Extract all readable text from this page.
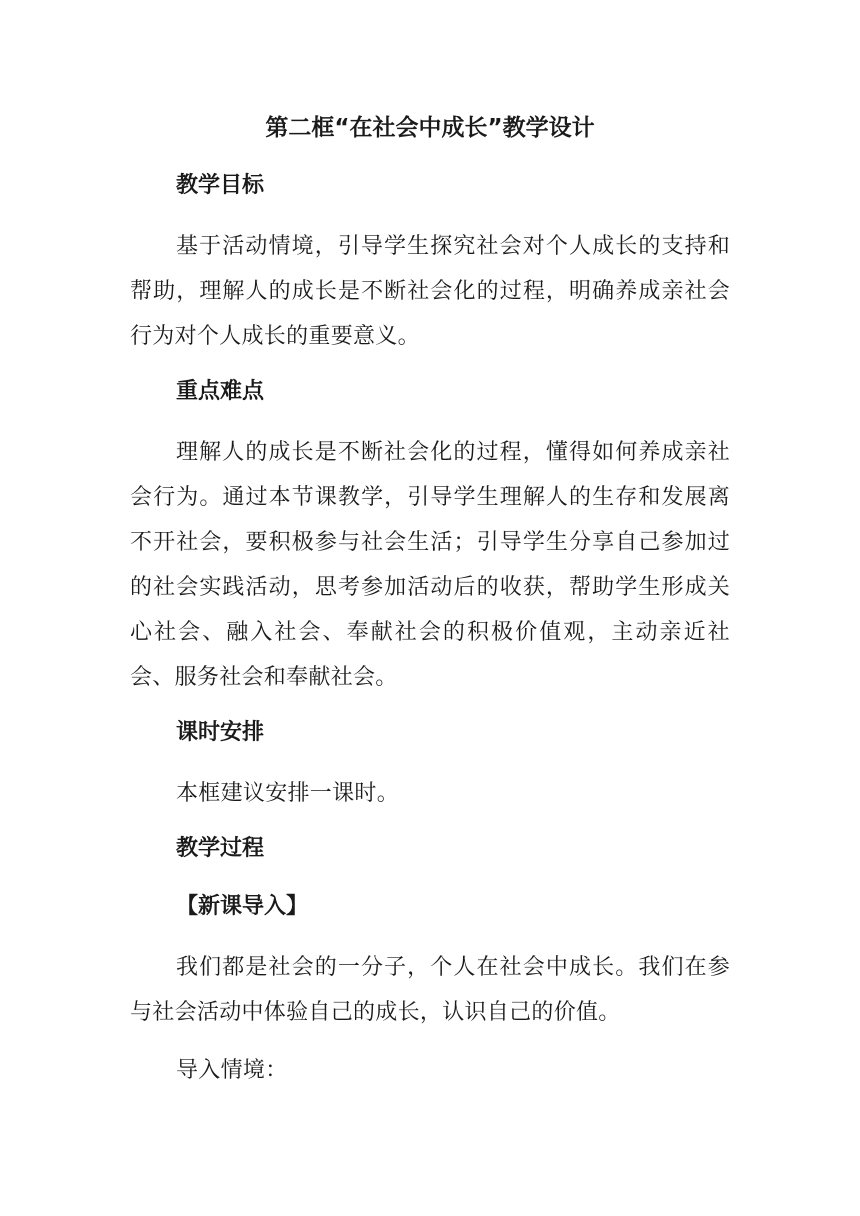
第二框“在社会中成长”教学设计
教学目标
基于活动情境，引导学生探究社会对个人成长的支持和帮助，理解人的成长是不断社会化的过程，明确养成亲社会行为对个人成长的重要意义。
重点难点
理解人的成长是不断社会化的过程，懂得如何养成亲社会行为。通过本节课教学，引导学生理解人的生存和发展离不开社会，要积极参与社会生活；引导学生分享自己参加过的社会实践活动，思考参加活动后的收获，帮助学生形成关心社会、融入社会、奉献社会的积极价值观，主动亲近社会、服务社会和奉献社会。
课时安排
本框建议安排一课时。
教学过程
【新课导入】
我们都是社会的一分子，个人在社会中成长。我们在参与社会活动中体验自己的成长，认识自己的价值。
导入情境：
